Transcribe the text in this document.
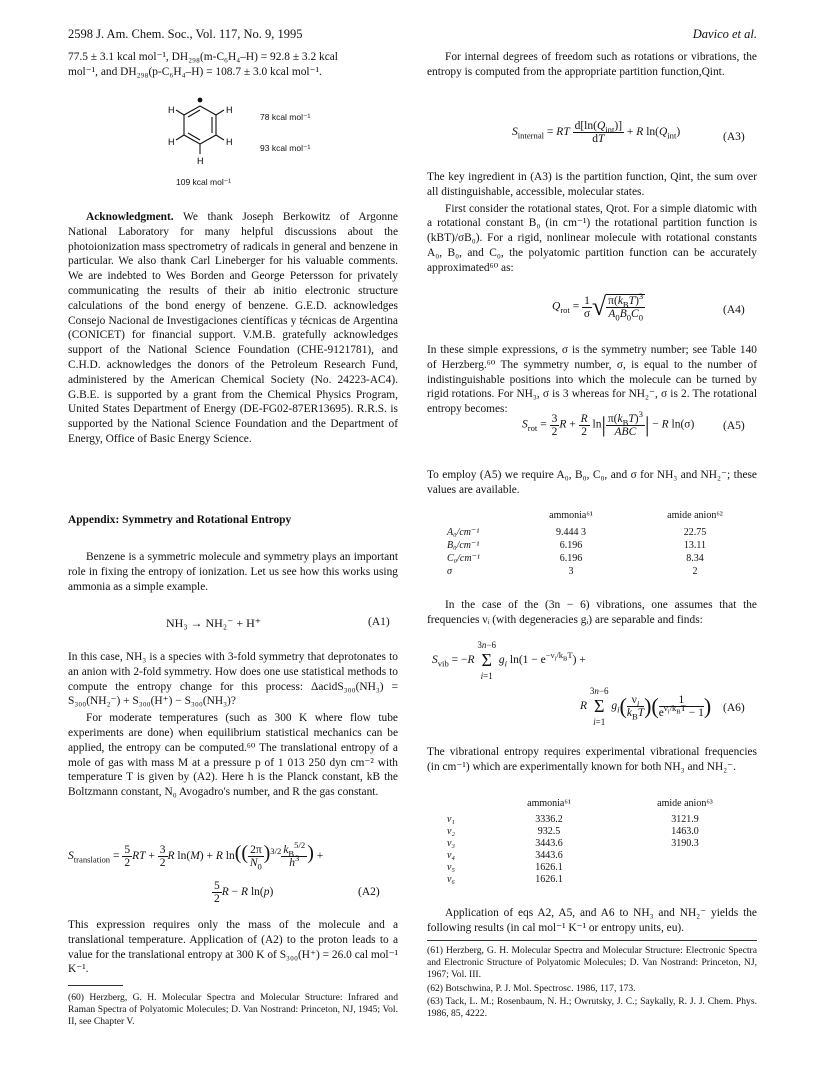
2598 J. Am. Chem. Soc., Vol. 117, No. 9, 1995	Davico et al.

77.5 ± 3.1 kcal mol⁻¹, DH₂₉₈(m-C₆H₄–H) = 92.8 ± 3.2 kcal

mol⁻¹, and DH₂₉₈(p-C₆H₄–H) = 108.7 ± 3.0 kcal mol⁻¹.

H	H
H	H
H
78 kcal mol⁻¹
93 kcal mol⁻¹
109 kcal mol⁻¹

Acknowledgment. We thank Joseph Berkowitz of Argonne National Laboratory for many helpful discussions about the photoionization mass spectrometry of radicals in general and benzene in particular. We also thank Carl Lineberger for his valuable comments. We are indebted to Wes Borden and George Petersson for privately communicating the results of their ab initio electronic structure calculations of the bond energy of benzene. G.E.D. acknowledges Consejo Nacional de Investigaciones científicas y técnicas de Argentina (CONICET) for financial support. V.M.B. gratefully acknowledges support of the National Science Foundation (CHE-9121781), and C.H.D. acknowledges the donors of the Petroleum Research Fund, administered by the American Chemical Society (No. 24223-AC4). G.B.E. is supported by a grant from the Chemical Physics Program, United States Department of Energy (DE-FG02-87ER13695). R.R.S. is supported by the National Science Foundation and the Department of Energy, Office of Basic Energy Science.

Appendix: Symmetry and Rotational Entropy

Benzene is a symmetric molecule and symmetry plays an important role in fixing the entropy of ionization. Let us see how this works using ammonia as a simple example.

NH₃ → NH₂⁻ + H⁺	(A1)

In this case, NH₃ is a species with 3-fold symmetry that deprotonates to an anion with 2-fold symmetry. How does one use statistical methods to compute the entropy change for this process: ΔacidS₃₀₀(NH₃) = S₃₀₀(NH₂⁻) + S₃₀₀(H⁺) − S₃₀₀(NH₃)?

For moderate temperatures (such as 300 K where flow tube experiments are done) when equilibrium statistical mechanics can be applied, the entropy can be computed.⁶⁰ The translational entropy of a mole of gas with mass M at a pressure p of 1 013 250 dyn cm⁻² with temperature T is given by (A2). Here h is the Planck constant, kB the Boltzmann constant, N₀ Avogadro's number, and R the gas constant.

$S_{translation} = \frac{5}{2}$ RT + $\frac{3}{2}$ R ln(M) + R $\ln(( \frac{2\pi}{N_0} )^{3/2} \frac{k_B^{5/2}}{h^3}$ ) +
$\frac{5}{2}$ R − R ln(p)	(A2)

This expression requires only the mass of the molecule and a translational temperature. Application of (A2) to the proton leads to a value for the translational entropy at 300 K of S₃₀₀(H⁺) = 26.0 cal mol⁻¹ K⁻¹.

(60) Herzberg, G. H. Molecular Spectra and Molecular Structure: Infrared and Raman Spectra of Polyatomic Molecules; D. Van Nostrand: Princeton, NJ, 1945; Vol. II, see Chapter V.

For internal degrees of freedom such as rotations or vibrations, the entropy is computed from the appropriate partition function,Qint.

$S_{internal}$ = RT $\frac{d[\ln(Q_{int})]}{dT} + R$ $\ln(Q_{int})$	(A3)

The key ingredient in (A3) is the partition function, Qint, the sum over all distinguishable, accessible, molecular states.

First consider the rotational states, Qrot. For a simple diatomic with a rotational constant B₀ (in cm⁻¹) the rotational partition function is (kBT)/σB₀). For a rigid, nonlinear molecule with rotational constants A₀, B₀, and C₀, the polyatomic partition function can be accurately approximated⁶⁰ as:

$Q_{rot} = \frac{1}{\sigma}$ √ $\frac{\pi(k_BT)^3}{A_0B_0C_0}$	(A4)

In these simple expressions, σ is the symmetry number; see Table 140 of Herzberg.⁶⁰ The symmetry number, σ, is equal to the number of indistinguishable positions into which the molecule can be turned by rigid rotations. For NH₃, σ is 3 whereas for NH₂⁻, σ is 2. The rotational entropy becomes:

$S_{rot} = \frac{3}{2}$ $R + \frac{R}{2} \ln| \frac{\pi(k_BT)^3}{\text{ABC}}$ | − R ln(σ) (A5)

To employ (A5) we require A₀, B₀, C₀, and σ for NH₃ and NH₂⁻; these values are available.

ammonia⁶¹	amide anion⁶²
A₀/cm⁻¹	9.444 3	22.75
B₀/cm⁻¹	6.196	13.11
C₀/cm⁻¹	6.196	8.34
σ	3	2

In the case of the (3n − 6) vibrations, one assumes that the frequencies νᵢ (with degeneracies gᵢ) are separable and finds:

$S_{vib} = -R$
3n−6
Σ
i=1
$g_i$ $\ln(1 - e^{-\nu_i/k_BT})$ +
R
3n−6
Σ
i=1
$g_i( \frac{\nu_i}{k_BT}$ )( $\frac{1}{e^{\nu_i/k_BT} - 1}$ ) (A6)

The vibrational entropy requires experimental vibrational frequencies (in cm⁻¹) which are experimentally known for both NH₃ and NH₂⁻.

ammonia⁶¹	amide anion⁶³
ν₁	3336.2	3121.9
ν₂	932.5	1463.0
ν₃	3443.6	3190.3
ν₄	3443.6
ν₅	1626.1
ν₆	1626.1

Application of eqs A2, A5, and A6 to NH₃ and NH₂⁻ yields the following results (in cal mol⁻¹ K⁻¹ or entropy units, eu).

(61) Herzberg, G. H. Molecular Spectra and Molecular Structure: Electronic Spectra and Electronic Structure of Polyatomic Molecules; D. Van Nostrand: Princeton, NJ, 1967; Vol. III.

(62) Botschwina, P. J. Mol. Spectrosc. 1986, 117, 173.

(63) Tack, L. M.; Rosenbaum, N. H.; Owrutsky, J. C.; Saykally, R. J. J. Chem. Phys. 1986, 85, 4222.
